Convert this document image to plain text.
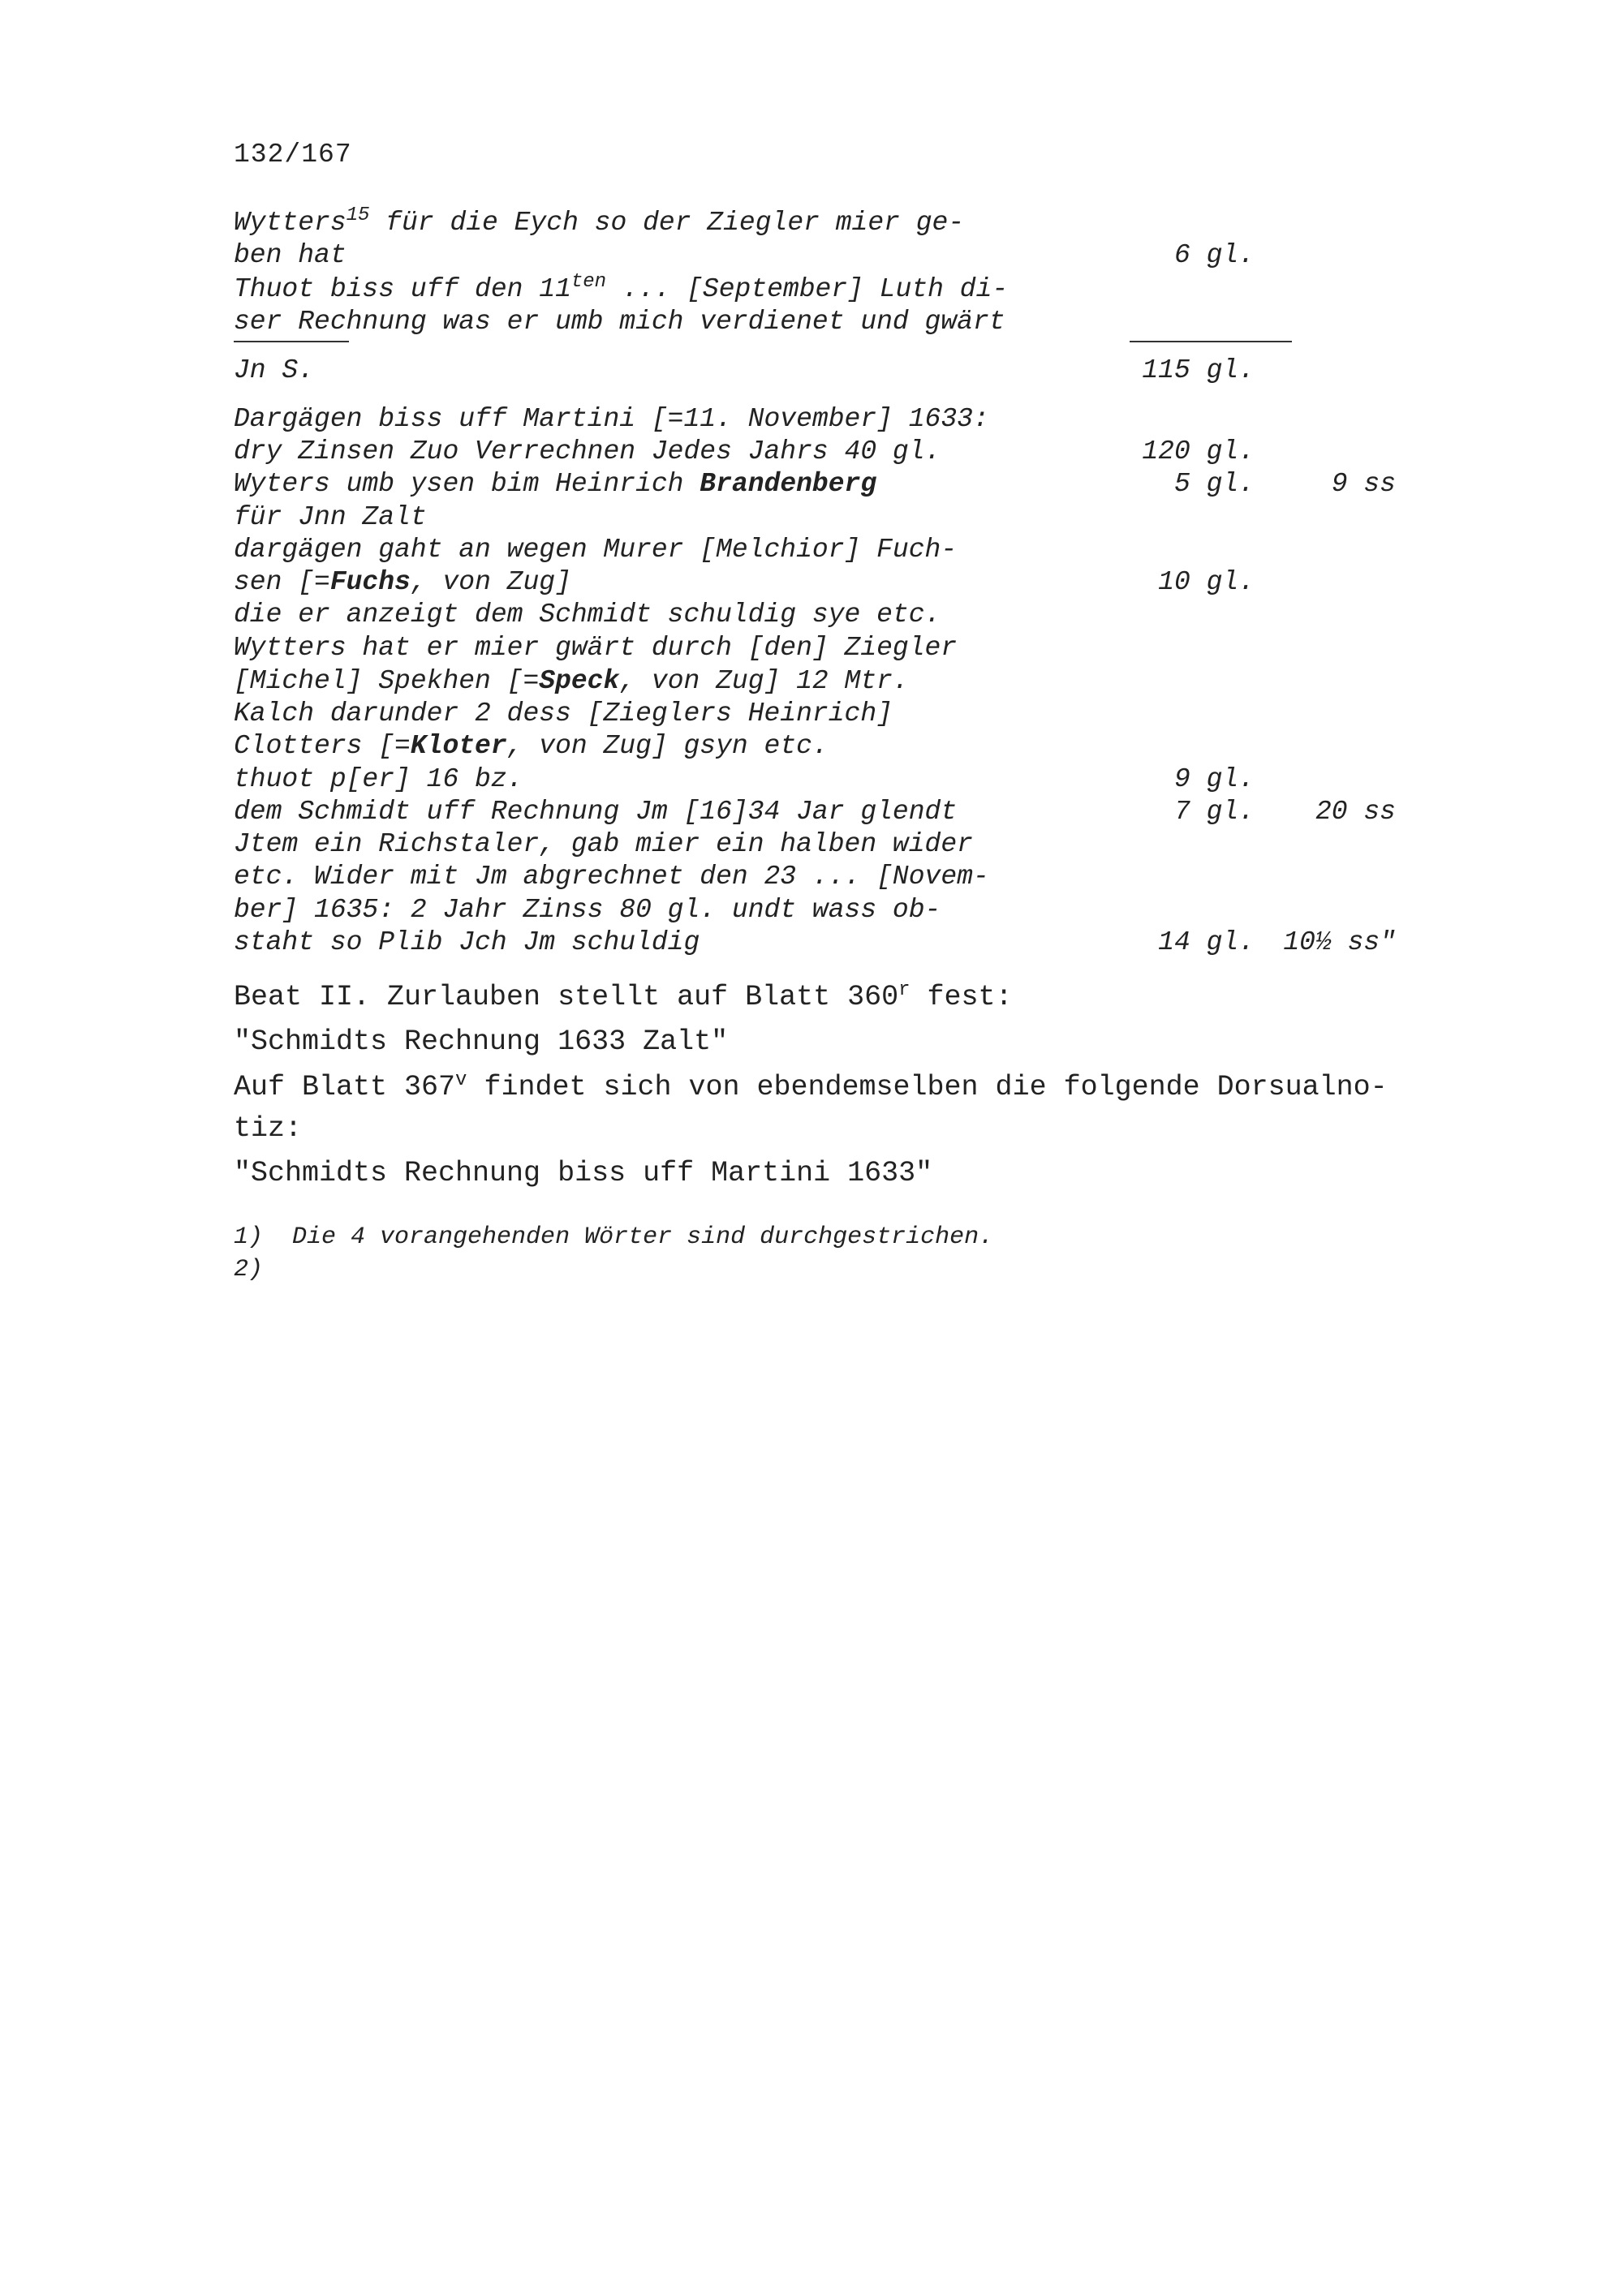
132/167
Wytters$^{15}$ für die Eych so der Ziegler mier ge-
ben hat	6 gl.
Thuot biss uff den $11^{ten}$ ... [September] Luth di-
ser Rechnung was er umb mich verdienet und gwärt
Jn S.	115 gl.
Dargägen biss uff Martini [=11. November] 1633:
dry Zinsen Zuo Verrechnen Jedes Jahrs 40 gl.	120 gl.
Wyters umb ysen bim Heinrich Brandenberg	5 gl.	9 ss
für Jnn Zalt
dargägen gaht an wegen Murer [Melchior] Fuch-
sen [=Fuchs, von Zug]	10 gl.
die er anzeigt dem Schmidt schuldig sye etc.
Wytters hat er mier gwärt durch [den] Ziegler
[Michel] Spekhen [=Speck, von Zug] 12 Mtr.
Kalch darunder 2 dess [Zieglers Heinrich]
Clotters [=Kloter, von Zug] gsyn etc.
thuot p[er] 16 bz.	9 gl.
dem Schmidt uff Rechnung Jm [16]34 Jar glendt	7 gl.	20 ss
Jtem ein Richstaler, gab mier ein halben wider
etc. Wider mit Jm abgrechnet den 23 ... [Novem-
ber] 1635: 2 Jahr Zinss 80 gl. undt wass ob-
staht so Plib Jch Jm schuldig	14 gl.	10½ ss"
Beat II. Zurlauben stellt auf Blatt 360$^r$ fest:
"Schmidts Rechnung 1633 Zalt"
Auf Blatt 367$^v$ findet sich von ebendemselben die folgende Dorsualno-
tiz:
"Schmidts Rechnung biss uff Martini 1633"
1)  Die 4 vorangehenden Wörter sind durchgestrichen.
2)
